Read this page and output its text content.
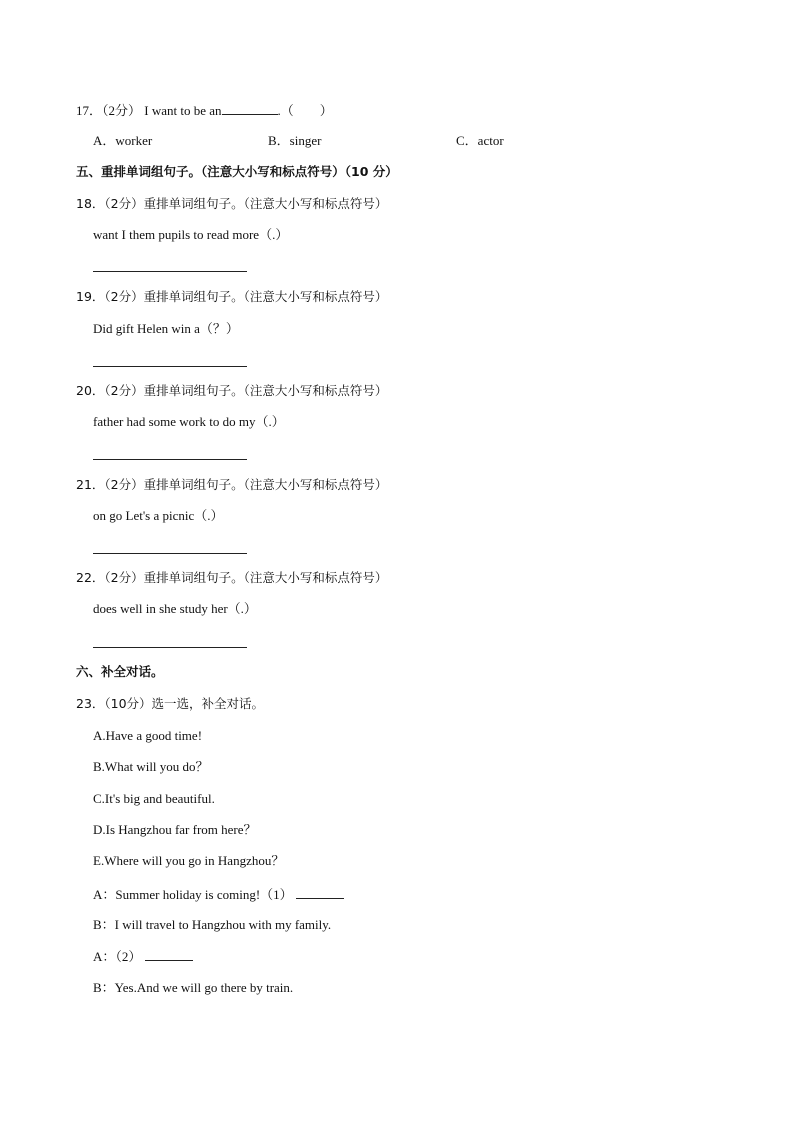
17．（2分） I want to be an	.（　　）
A．worker	B．singer	C．actor
五、重排单词组句子。（注意大小写和标点符号）（10 分）
18．（2分）重排单词组句子。（注意大小写和标点符号）
want I them pupils to read more（.）
19．（2分）重排单词组句子。（注意大小写和标点符号）
Did gift Helen win a（？）
20．（2分）重排单词组句子。（注意大小写和标点符号）
father had some work to do my（.）
21．（2分）重排单词组句子。（注意大小写和标点符号）
on go Let's a picnic（.）
22．（2分）重排单词组句子。（注意大小写和标点符号）
does well in she study her（.）
六、补全对话。
23．（10分）选一选，补全对话。
A.Have a good time!
B.What will you do？
C.It's big and beautiful.
D.Is Hangzhou far from here？
E.Where will you go in Hangzhou？
A：Summer holiday is coming!（1）
B：I will travel to Hangzhou with my family.
A：（2）
B：Yes.And we will go there by train.
